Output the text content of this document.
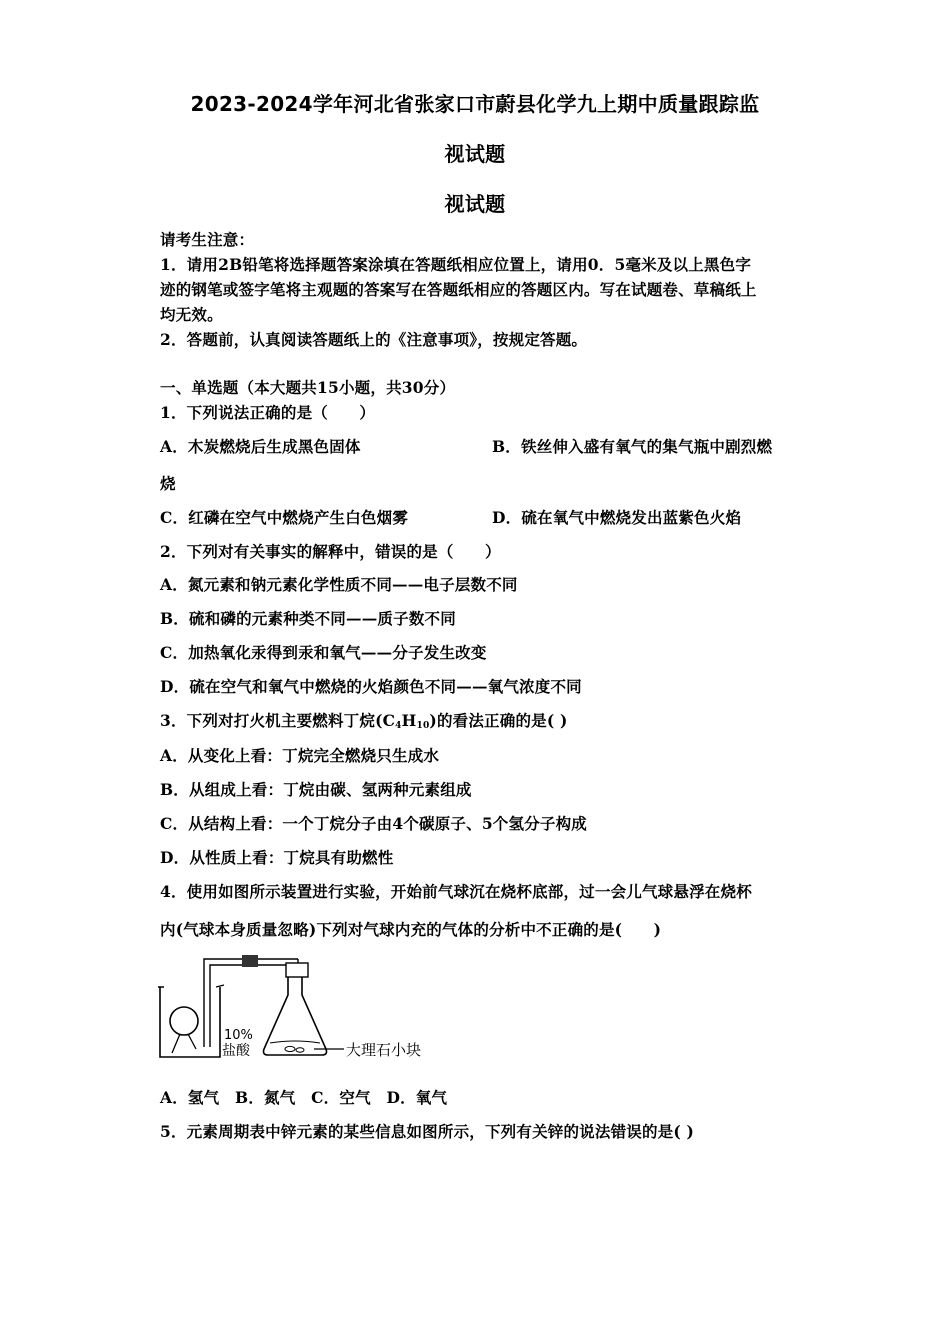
2023-2024学年河北省张家口市蔚县化学九上期中质量跟踪监
视试题
视试题
请考生注意：
1．请用2B铅笔将选择题答案涂填在答题纸相应位置上，请用0．5毫米及以上黑色字
迹的钢笔或签字笔将主观题的答案写在答题纸相应的答题区内。写在试题卷、草稿纸上
均无效。
2．答题前，认真阅读答题纸上的《注意事项》，按规定答题。
一、单选题（本大题共15小题，共30分）
1．下列说法正确的是（　　）
A．木炭燃烧后生成黑色固体	B．铁丝伸入盛有氧气的集气瓶中剧烈燃
烧
C．红磷在空气中燃烧产生白色烟雾	D．硫在氧气中燃烧发出蓝紫色火焰
2．下列对有关事实的解释中，错误的是（　　）
A．氮元素和钠元素化学性质不同——电子层数不同
B．硫和磷的元素种类不同——质子数不同
C．加热氧化汞得到汞和氧气——分子发生改变
D．硫在空气和氧气中燃烧的火焰颜色不同——氧气浓度不同
3．下列对打火机主要燃料丁烷$(C_4H_{10})$的看法正确的是( )
A．从变化上看：丁烷完全燃烧只生成水
B．从组成上看：丁烷由碳、氢两种元素组成
C．从结构上看：一个丁烷分子由4个碳原子、5个氢分子构成
D．从性质上看：丁烷具有助燃性
4．使用如图所示装置进行实验，开始前气球沉在烧杯底部，过一会儿气球悬浮在烧杯
内(气球本身质量忽略)下列对气球内充的气体的分析中不正确的是(　　)
10%
盐酸	大理石小块
A．氢气　B．氮气　C．空气　D．氧气
5．元素周期表中锌元素的某些信息如图所示，下列有关锌的说法错误的是( )
